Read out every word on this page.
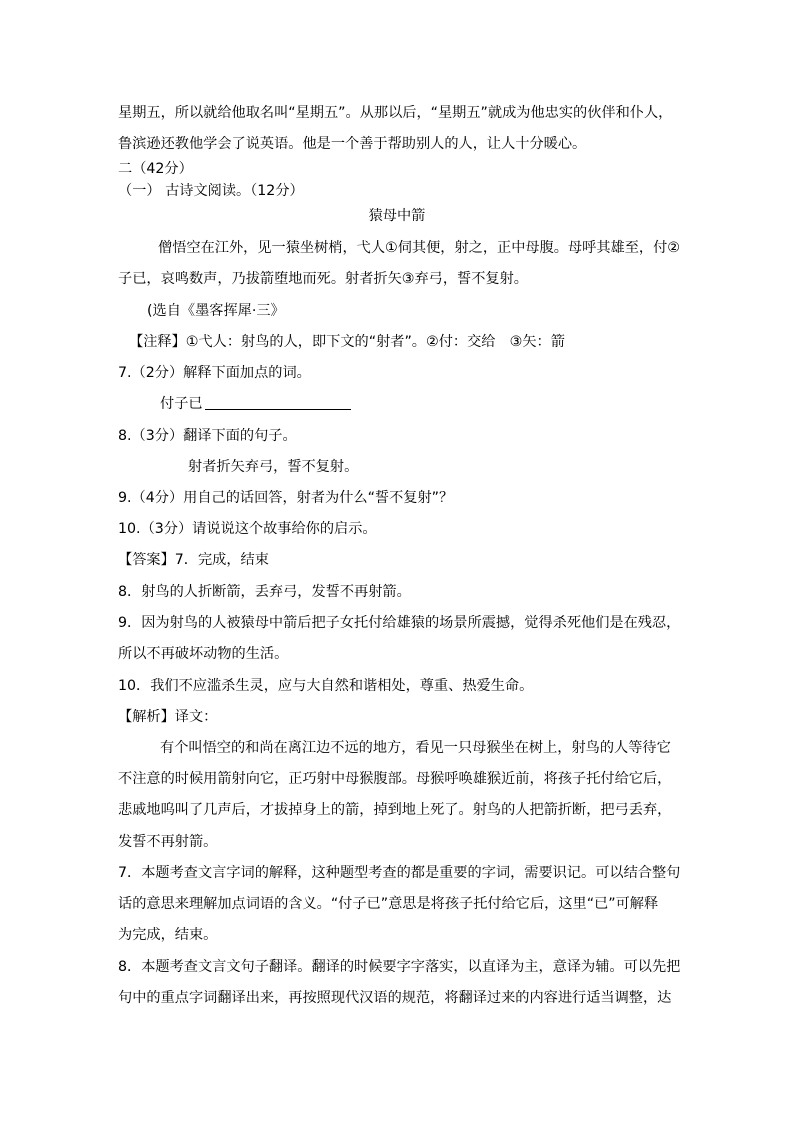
星期五，所以就给他取名叫“星期五”。从那以后，“星期五”就成为他忠实的伙伴和仆人，
鲁滨逊还教他学会了说英语。他是一个善于帮助别人的人，让人十分暖心。
二（42分）
（一） 古诗文阅读。（12分）
猿母中箭
僧悟空在江外，见一猿坐树梢，弋人①伺其便，射之，正中母腹。母呼其雄至，付②
子已，哀鸣数声，乃拔箭堕地而死。射者折矢③弃弓，誓不复射。
(选自《墨客挥犀·三》
【注释】①弋人：射鸟的人，即下文的“射者”。②付：交给　③矢：箭
7.（2分）解释下面加点的词。
付子已
8.（3分）翻译下面的句子。
射者折矢弃弓，誓不复射。
9.（4分）用自己的话回答，射者为什么“誓不复射”？
10.（3分）请说说这个故事给你的启示。
【答案】7．完成，结束
8．射鸟的人折断箭，丢弃弓，发誓不再射箭。
9．因为射鸟的人被猿母中箭后把子女托付给雄猿的场景所震撼，觉得杀死他们是在残忍，
所以不再破坏动物的生活。
10．我们不应滥杀生灵，应与大自然和谐相处，尊重、热爱生命。
【解析】译文：
有个叫悟空的和尚在离江边不远的地方，看见一只母猴坐在树上，射鸟的人等待它
不注意的时候用箭射向它，正巧射中母猴腹部。母猴呼唤雄猴近前，将孩子托付给它后，
悲戚地呜叫了几声后，才拔掉身上的箭，掉到地上死了。射鸟的人把箭折断，把弓丢弃，
发誓不再射箭。
7．本题考查文言字词的解释，这种题型考查的都是重要的字词，需要识记。可以结合整句
话的意思来理解加点词语的含义。“付子已”意思是将孩子托付给它后，这里“已”可解释
为完成，结束。
8．本题考查文言文句子翻译。翻译的时候要字字落实，以直译为主，意译为辅。可以先把
句中的重点字词翻译出来，再按照现代汉语的规范，将翻译过来的内容进行适当调整，达
